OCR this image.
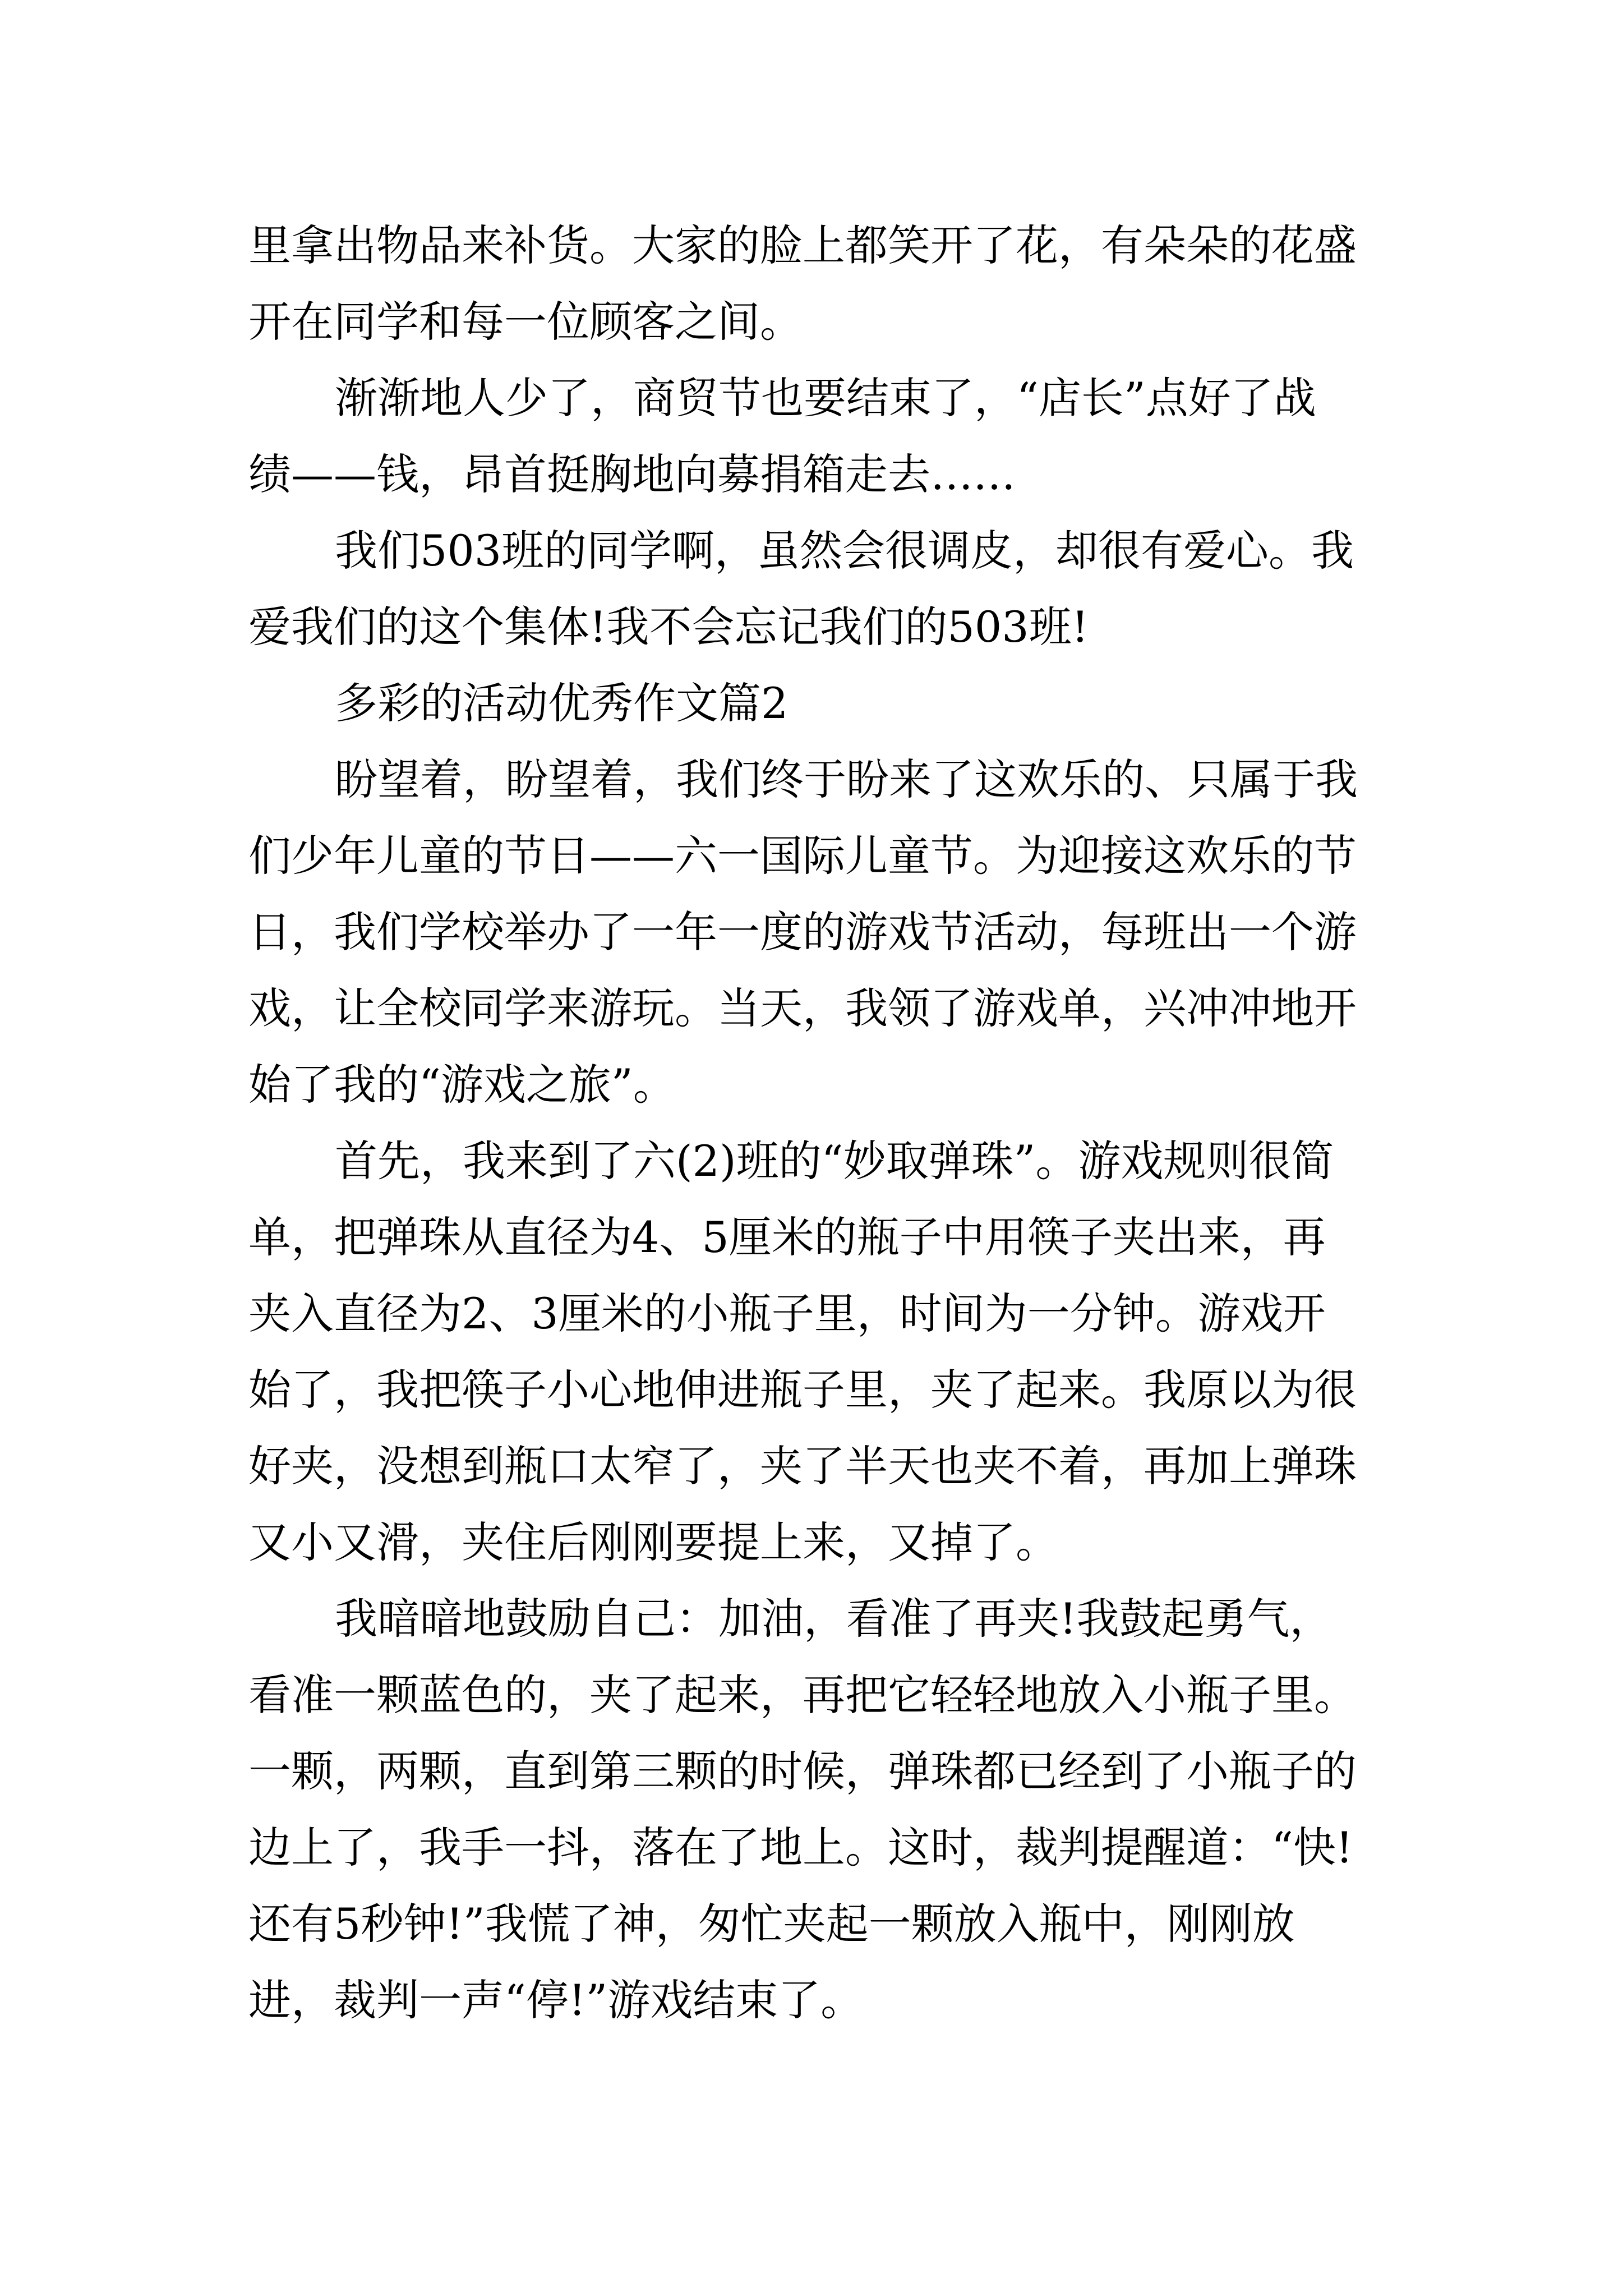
里拿出物品来补货。大家的脸上都笑开了花，有朵朵的花盛

开在同学和每一位顾客之间。

渐渐地人少了，商贸节也要结束了，“店长”点好了战

绩——钱，昂首挺胸地向募捐箱走去……

我们503班的同学啊，虽然会很调皮，却很有爱心。我

爱我们的这个集体!我不会忘记我们的503班!

多彩的活动优秀作文篇2

盼望着，盼望着，我们终于盼来了这欢乐的、只属于我

们少年儿童的节日——六一国际儿童节。为迎接这欢乐的节

日，我们学校举办了一年一度的游戏节活动，每班出一个游

戏，让全校同学来游玩。当天，我领了游戏单，兴冲冲地开

始了我的“游戏之旅”。

首先，我来到了六(2)班的“妙取弹珠”。游戏规则很简

单，把弹珠从直径为4、5厘米的瓶子中用筷子夹出来，再

夹入直径为2、3厘米的小瓶子里，时间为一分钟。游戏开

始了，我把筷子小心地伸进瓶子里，夹了起来。我原以为很

好夹，没想到瓶口太窄了，夹了半天也夹不着，再加上弹珠

又小又滑，夹住后刚刚要提上来，又掉了。

我暗暗地鼓励自己：加油，看准了再夹!我鼓起勇气，

看准一颗蓝色的，夹了起来，再把它轻轻地放入小瓶子里。

一颗，两颗，直到第三颗的时候，弹珠都已经到了小瓶子的

边上了，我手一抖，落在了地上。这时，裁判提醒道：“快!

还有5秒钟!”我慌了神，匆忙夹起一颗放入瓶中，刚刚放

进，裁判一声“停!”游戏结束了。
